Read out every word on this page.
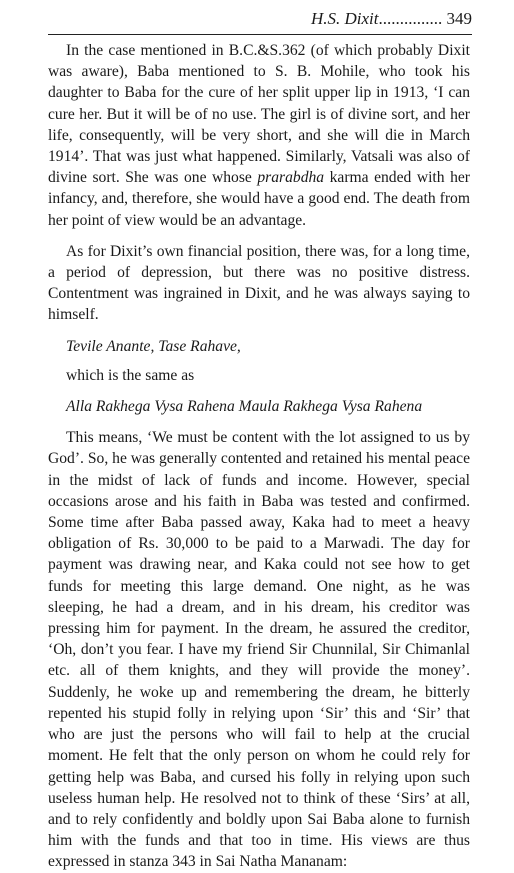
H.S. Dixit............... 349

In the case mentioned in B.C.&S.362 (of which probably Dixit was aware), Baba mentioned to S. B. Mohile, who took his daughter to Baba for the cure of her split upper lip in 1913, ‘I can cure her. But it will be of no use. The girl is of divine sort, and her life, consequently, will be very short, and she will die in March 1914’. That was just what happened. Similarly, Vatsali was also of divine sort. She was one whose prarabdha karma ended with her infancy, and, therefore, she would have a good end. The death from her point of view would be an advantage.

As for Dixit’s own financial position, there was, for a long time, a period of depression, but there was no positive distress. Contentment was ingrained in Dixit, and he was always saying to himself.

Tevile Anante, Tase Rahave,

which is the same as

Alla Rakhega Vysa Rahena Maula Rakhega Vysa Rahena

This means, ‘We must be content with the lot assigned to us by God’. So, he was generally contented and retained his mental peace in the midst of lack of funds and income. However, special occasions arose and his faith in Baba was tested and confirmed. Some time after Baba passed away, Kaka had to meet a heavy obligation of Rs. 30,000 to be paid to a Marwadi. The day for payment was drawing near, and Kaka could not see how to get funds for meeting this large demand. One night, as he was sleeping, he had a dream, and in his dream, his creditor was pressing him for payment. In the dream, he assured the creditor, ‘Oh, don’t you fear. I have my friend Sir Chunnilal, Sir Chimanlal etc. all of them knights, and they will provide the money’. Suddenly, he woke up and remembering the dream, he bitterly repented his stupid folly in relying upon ‘Sir’ this and ‘Sir’ that who are just the persons who will fail to help at the crucial moment. He felt that the only person on whom he could rely for getting help was Baba, and cursed his folly in relying upon such useless human help. He resolved not to think of these ‘Sirs’ at all, and to rely confidently and boldly upon Sai Baba alone to furnish him with the funds and that too in time. His views are thus expressed in stanza 343 in Sai Natha Mananam:
